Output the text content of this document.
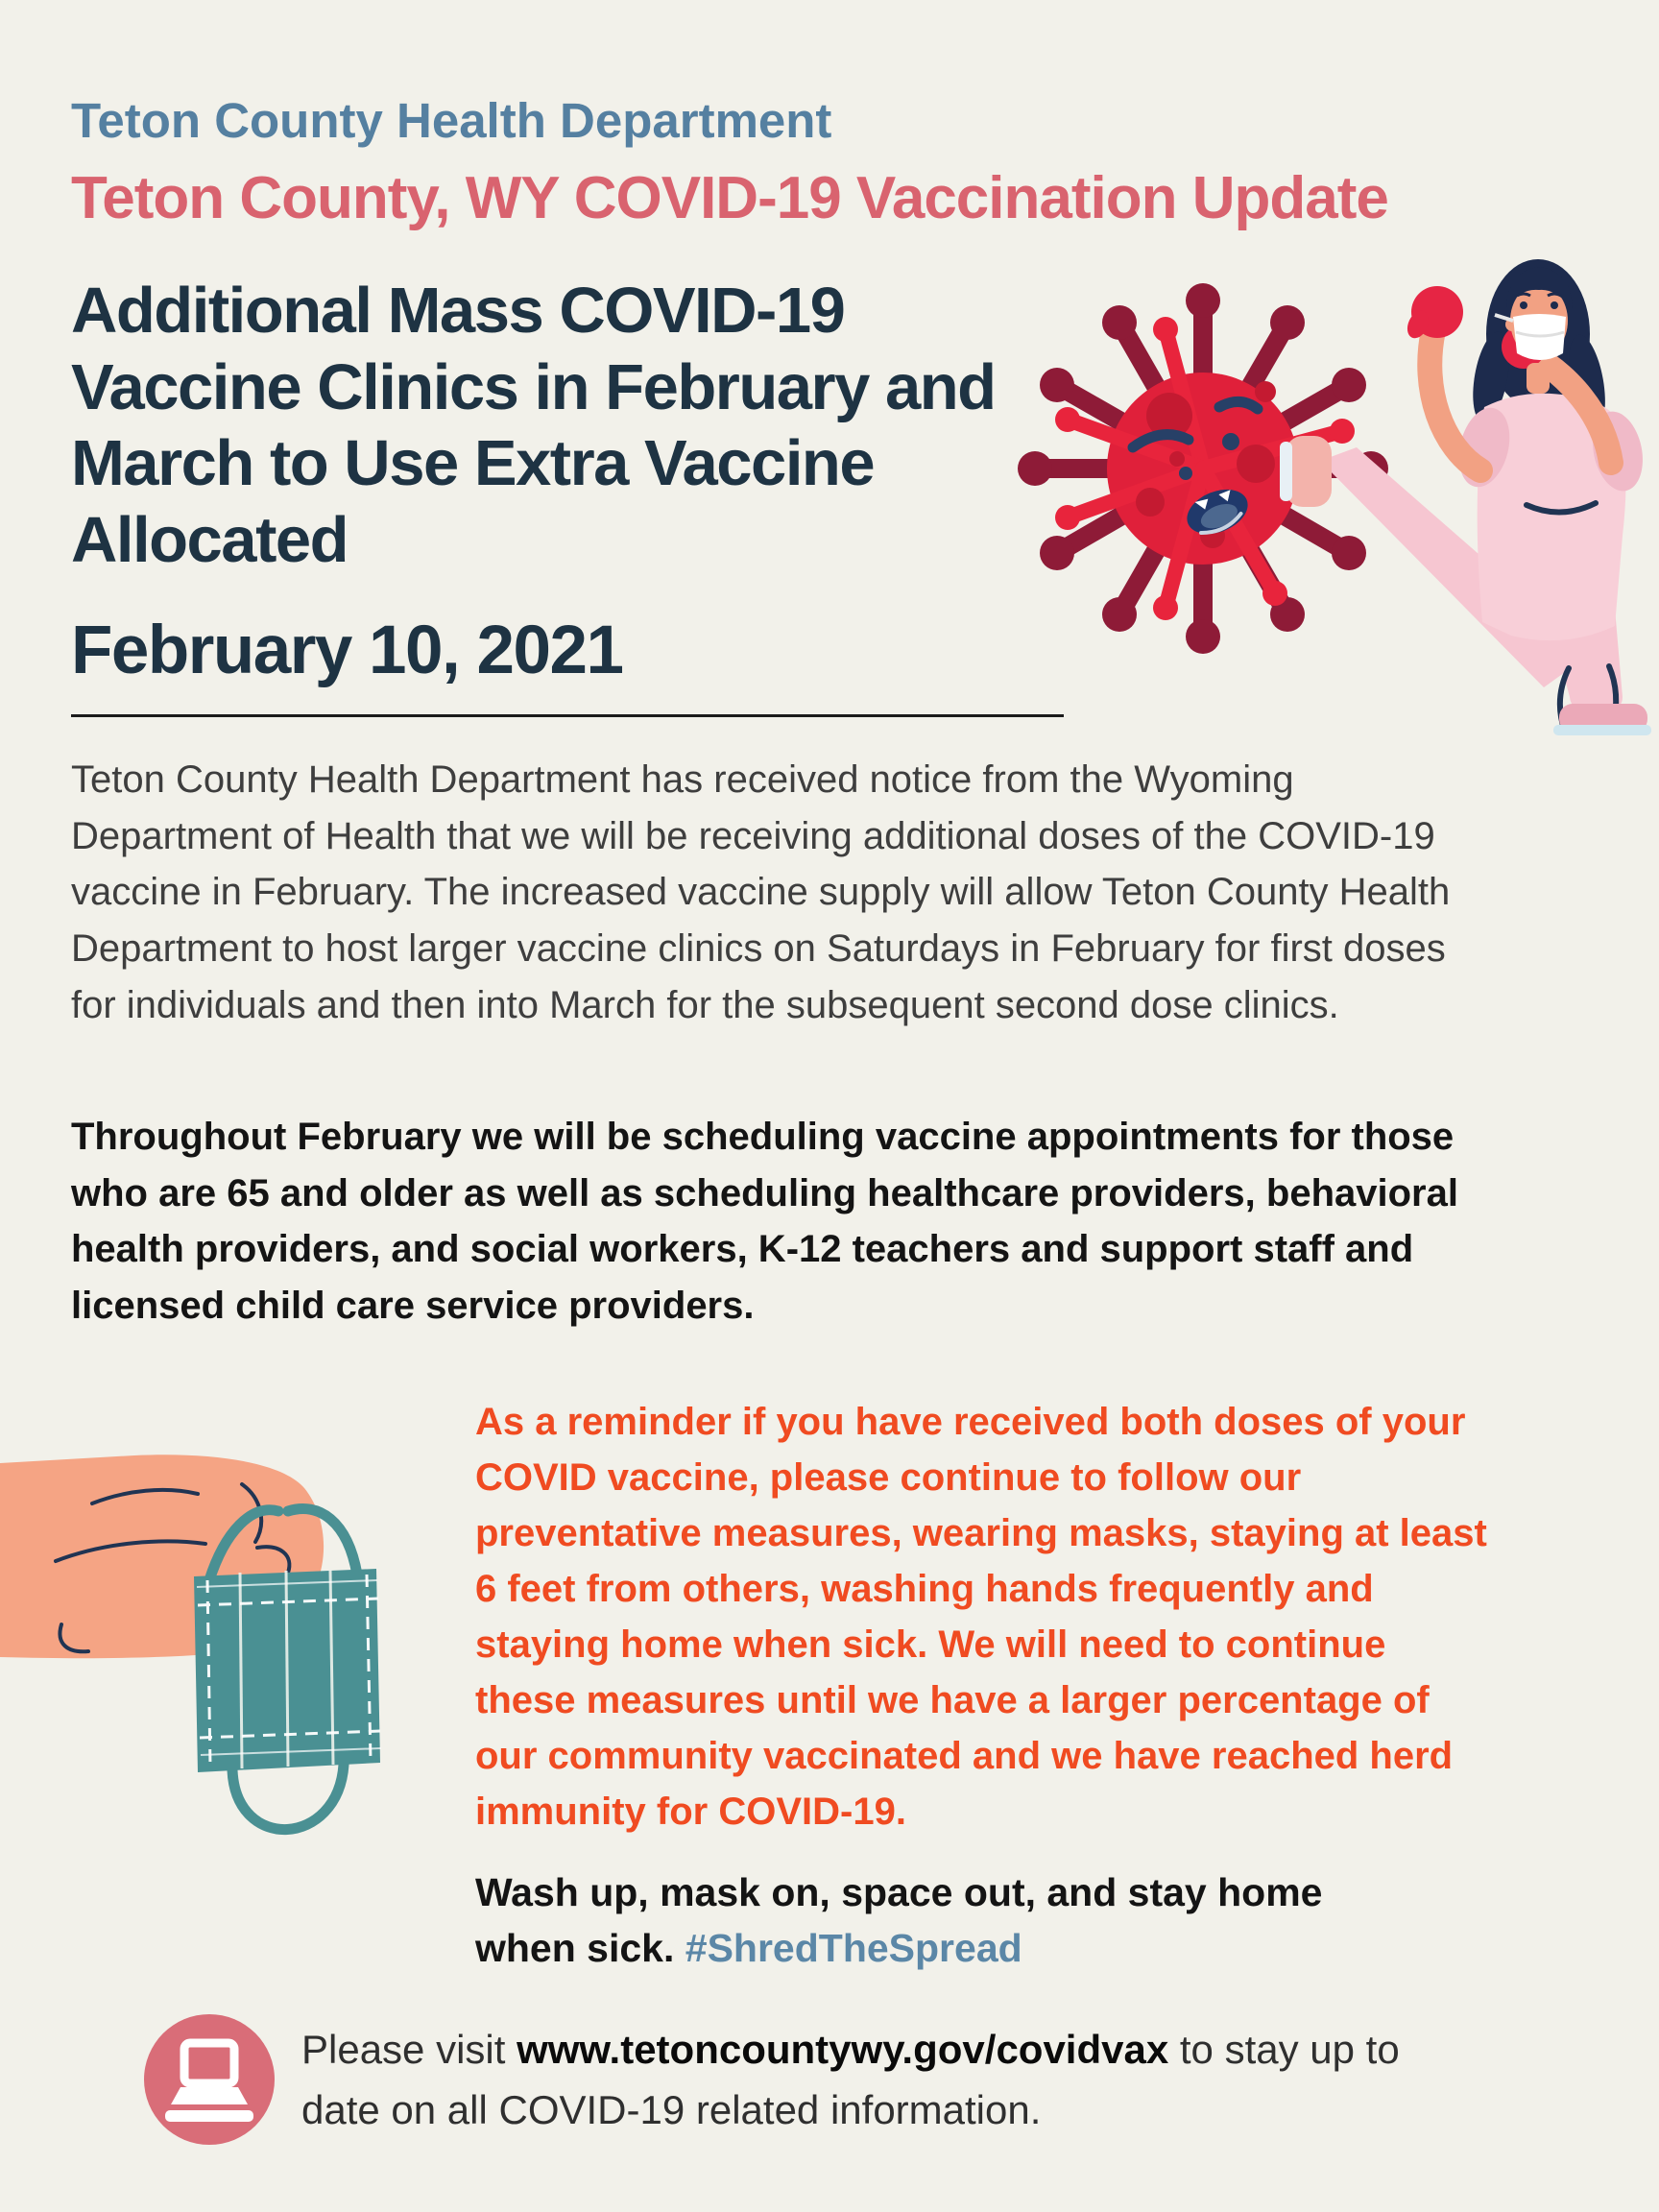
Teton County Health Department
Teton County, WY COVID-19 Vaccination Update
Additional Mass COVID-19
Vaccine Clinics in February and
March to Use Extra Vaccine
Allocated
February 10, 2021

Teton County Health Department has received notice from the Wyoming Department of Health that we will be receiving additional doses of the COVID-19 vaccine in February. The increased vaccine supply will allow Teton County Health Department to host larger vaccine clinics on Saturdays in February for first doses for individuals and then into March for the subsequent second dose clinics.

Throughout February we will be scheduling vaccine appointments for those who are 65 and older as well as scheduling healthcare providers, behavioral health providers, and social workers, K-12 teachers and support staff and licensed child care service providers.

As a reminder if you have received both doses of your COVID vaccine, please continue to follow our preventative measures, wearing masks, staying at least 6 feet from others, washing hands frequently and staying home when sick. We will need to continue these measures until we have a larger percentage of our community vaccinated and we have reached herd immunity for COVID-19.

Wash up, mask on, space out, and stay home when sick. #ShredTheSpread

Please visit www.tetoncountywy.gov/covidvax to stay up to date on all COVID-19 related information.
